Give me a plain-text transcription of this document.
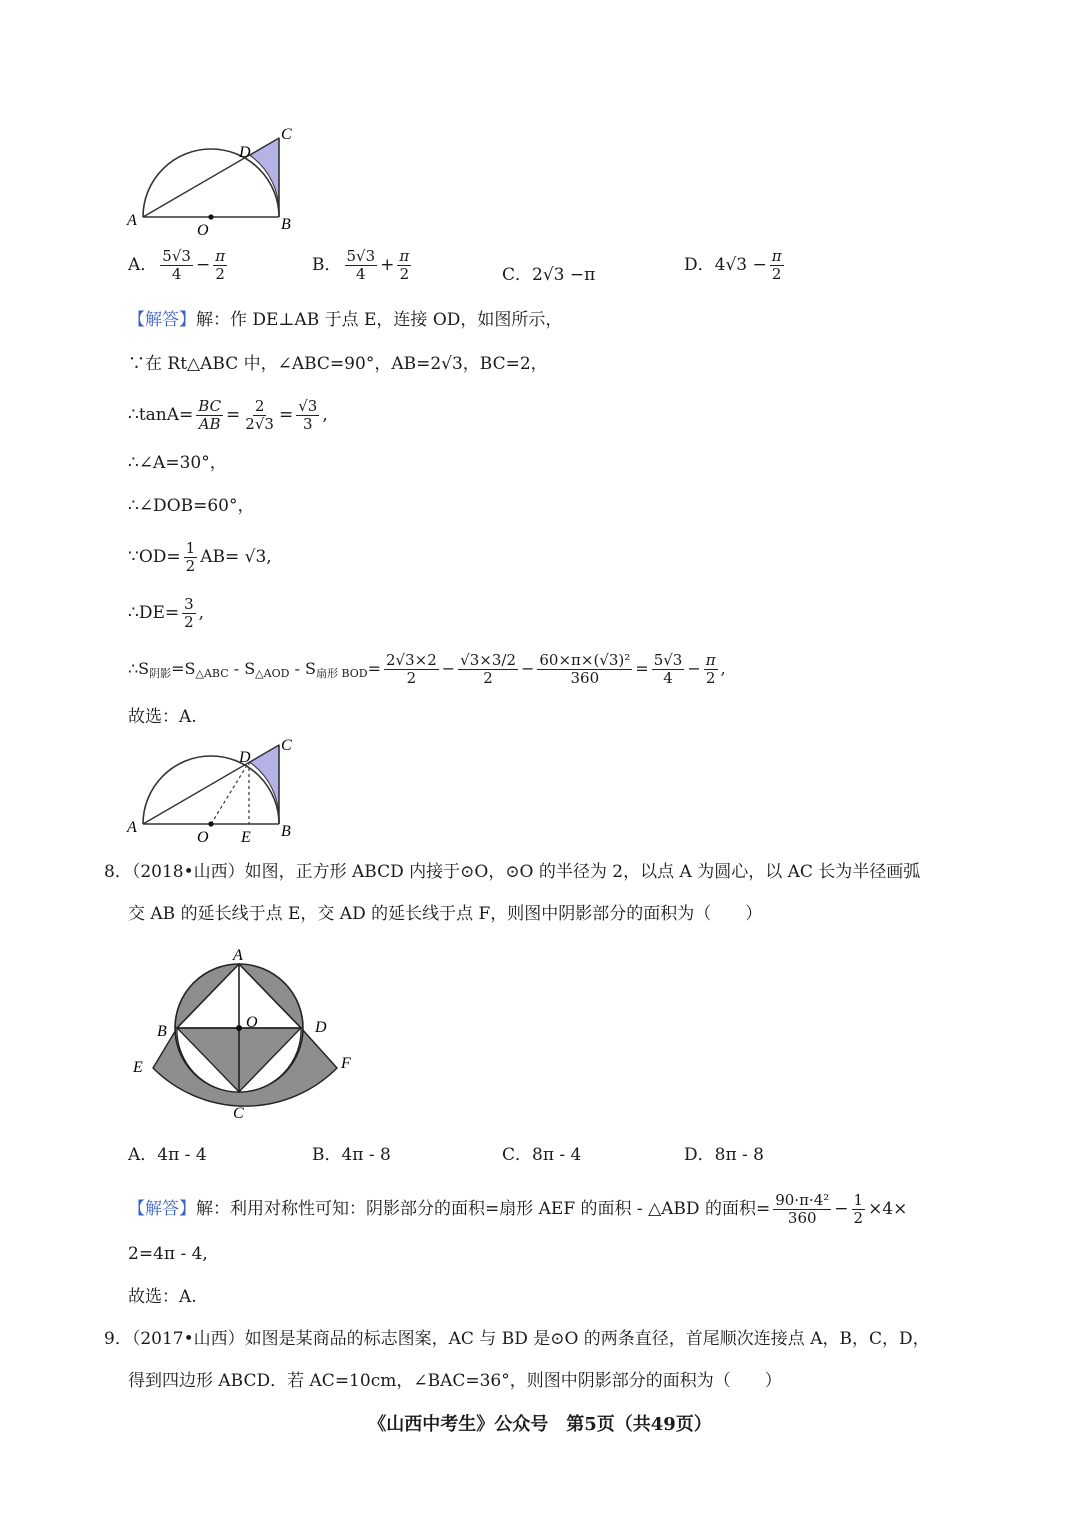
A	B
C
D
O
A． $\frac{5√3}{4} - \frac{\pi}{2}$	B． $\frac{5√3}{4} + \frac{\pi}{2}$	C．2√3 −π	D．$4√3 - \frac{\pi}{2}$
【解答】解：作 DE⊥AB 于点 E，连接 OD，如图所示，
∵在 Rt△ABC 中，∠ABC=90°，AB=2√3，BC=2，
∴tanA= $\frac{BC}{AB} = \frac{2}{2√3} = \frac{√3}{3}$ ,
∴∠A=30°，
∴∠DOB=60°，
∵OD= $\frac{1}{2} AB= √3$,
∴DE= $\frac{3}{2}$ ,
$\therefore S_{阴影}=S_{\triangle ABC} - S_{\triangle AOD} - S_{扇形 BOD}= \frac{2√3\times 2}{2} - \frac{√3\times 3/2}{2} - \frac{\text{60×π×(√3)²}}{360} = \frac{5√3}{4} - \frac{\pi}{2}$ ,
故选：A.
A	B
C
D
O E
8．（2018•山西）如图，正方形 ABCD 内接于⊙O，⊙O 的半径为 2，以点 A 为圆心，以 AC 长为半径画弧
交 AB 的延长线于点 E，交 AD 的延长线于点 F，则图中阴影部分的面积为（　　）
A
B
C
D
O
E	F
A．4π - 4	B．4π - 8	C．8π - 4	D．8π - 8
【解答】解：利用对称性可知：阴影部分的面积=扇形 AEF 的面积 - △ABD 的面积= $\frac{\text{90·π·4²}}{360} - \frac{1}{2} \times 4\times$
2=4π - 4,
故选：A.
9．（2017•山西）如图是某商品的标志图案，AC 与 BD 是⊙O 的两条直径，首尾顺次连接点 A，B，C，D，
得到四边形 ABCD．若 AC=10cm，∠BAC=36°，则图中阴影部分的面积为（　　）
《山西中考生》公众号　第5页（共49页）
